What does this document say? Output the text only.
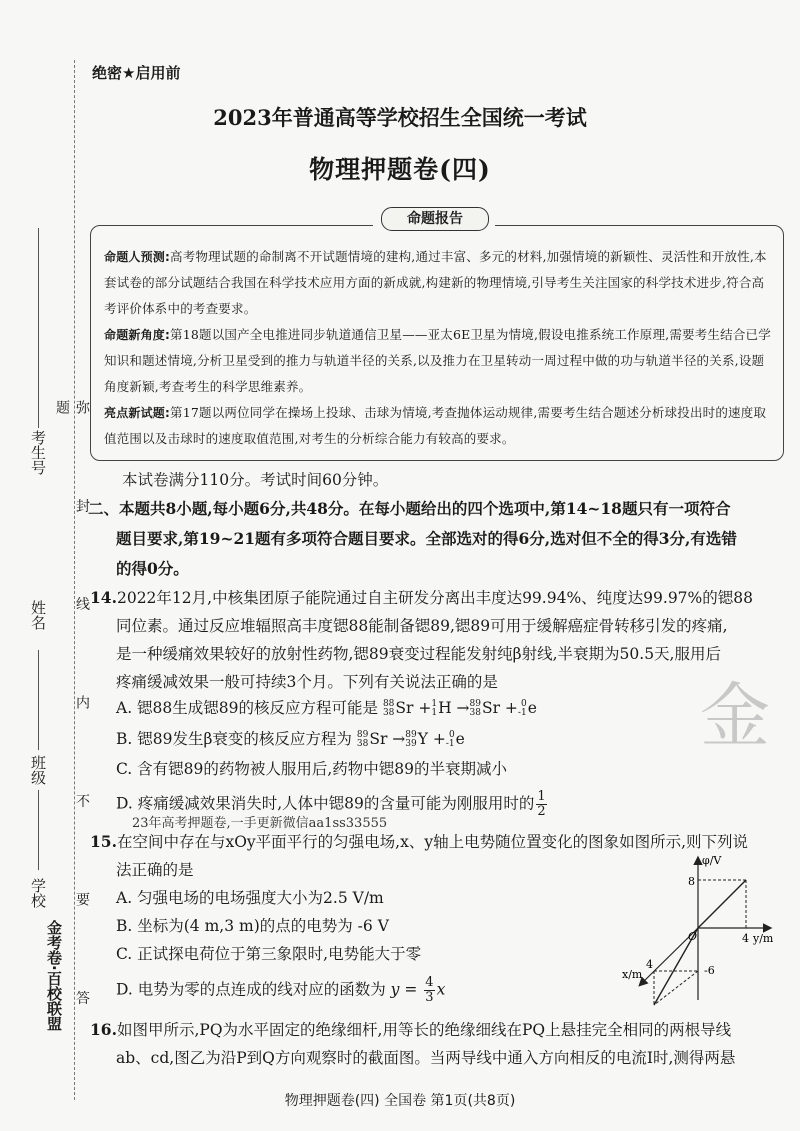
考生号
姓名
班级
学校	弥 封 线 内 不 要 答 题
金考卷·百校联盟
绝密★启用前
2023年普通高等学校招生全国统一考试
物理押题卷(四)
命题报告
命题人预测:高考物理试题的命制离不开试题情境的建构,通过丰富、多元的材料,加强情境的新颖性、灵活性和开放性,本套试卷的部分试题结合我国在科学技术应用方面的新成就,构建新的物理情境,引导考生关注国家的科学技术进步,符合高考评价体系中的考查要求。
命题新角度:第18题以国产全电推进同步轨道通信卫星——亚太6E卫星为情境,假设电推系统工作原理,需要考生结合已学知识和题述情境,分析卫星受到的推力与轨道半径的关系,以及推力在卫星转动一周过程中做的功与轨道半径的关系,设题角度新颖,考查考生的科学思维素养。
亮点新试题:第17题以两位同学在操场上投球、击球为情境,考查抛体运动规律,需要考生结合题述分析球投出时的速度取值范围以及击球时的速度取值范围,对考生的分析综合能力有较高的要求。
本试卷满分110分。考试时间60分钟。
二、本题共8小题,每小题6分,共48分。在每小题给出的四个选项中,第14~18题只有一项符合
题目要求,第19~21题有多项符合题目要求。全部选对的得6分,选对但不全的得3分,有选错
的得0分。
14.2022年12月,中核集团原子能院通过自主研发分离出丰度达99.94%、纯度达99.97%的锶88
同位素。通过反应堆辐照高丰度锶88能制备锶89,锶89可用于缓解癌症骨转移引发的疼痛,
是一种缓痛效果较好的放射性药物,锶89衰变过程能发射纯β射线,半衰期为50.5天,服用后
疼痛缓减效果一般可持续3个月。下列有关说法正确的是
A. 锶88生成锶89的核反应方程可能是 88
38 Sr + 1
1 H → 89
38 Sr + 0
-1 e
B. 锶89发生β衰变的核反应方程为 89
38 Sr → 89
39 Y + 0
-1 e
C. 含有锶89的药物被人服用后,药物中锶89的半衰期减小
D. 疼痛缓减效果消失时,人体中锶89的含量可能为刚服用时的 $\frac{1}{2}$
23年高考押题卷,一手更新微信aa1ss33555
15.在空间中存在与xOy平面平行的匀强电场,x、y轴上电势随位置变化的图象如图所示,则下列说
法正确的是
A. 匀强电场的电场强度大小为2.5 V/m
B. 坐标为(4 m,3 m)的点的电势为 -6 V
C. 正试探电荷位于第三象限时,电势能大于零
D. 电势为零的点连成的线对应的函数为 $y = \frac{4}{3}$ x
φ/V
8
O	4 y/m
4	-6
x/m
16.如图甲所示,PQ为水平固定的绝缘细杆,用等长的绝缘细线在PQ上悬挂完全相同的两根导线
ab、cd,图乙为沿P到Q方向观察时的截面图。当两导线中通入方向相反的电流I时,测得两悬
金
物理押题卷(四) 全国卷 第1页(共8页)
